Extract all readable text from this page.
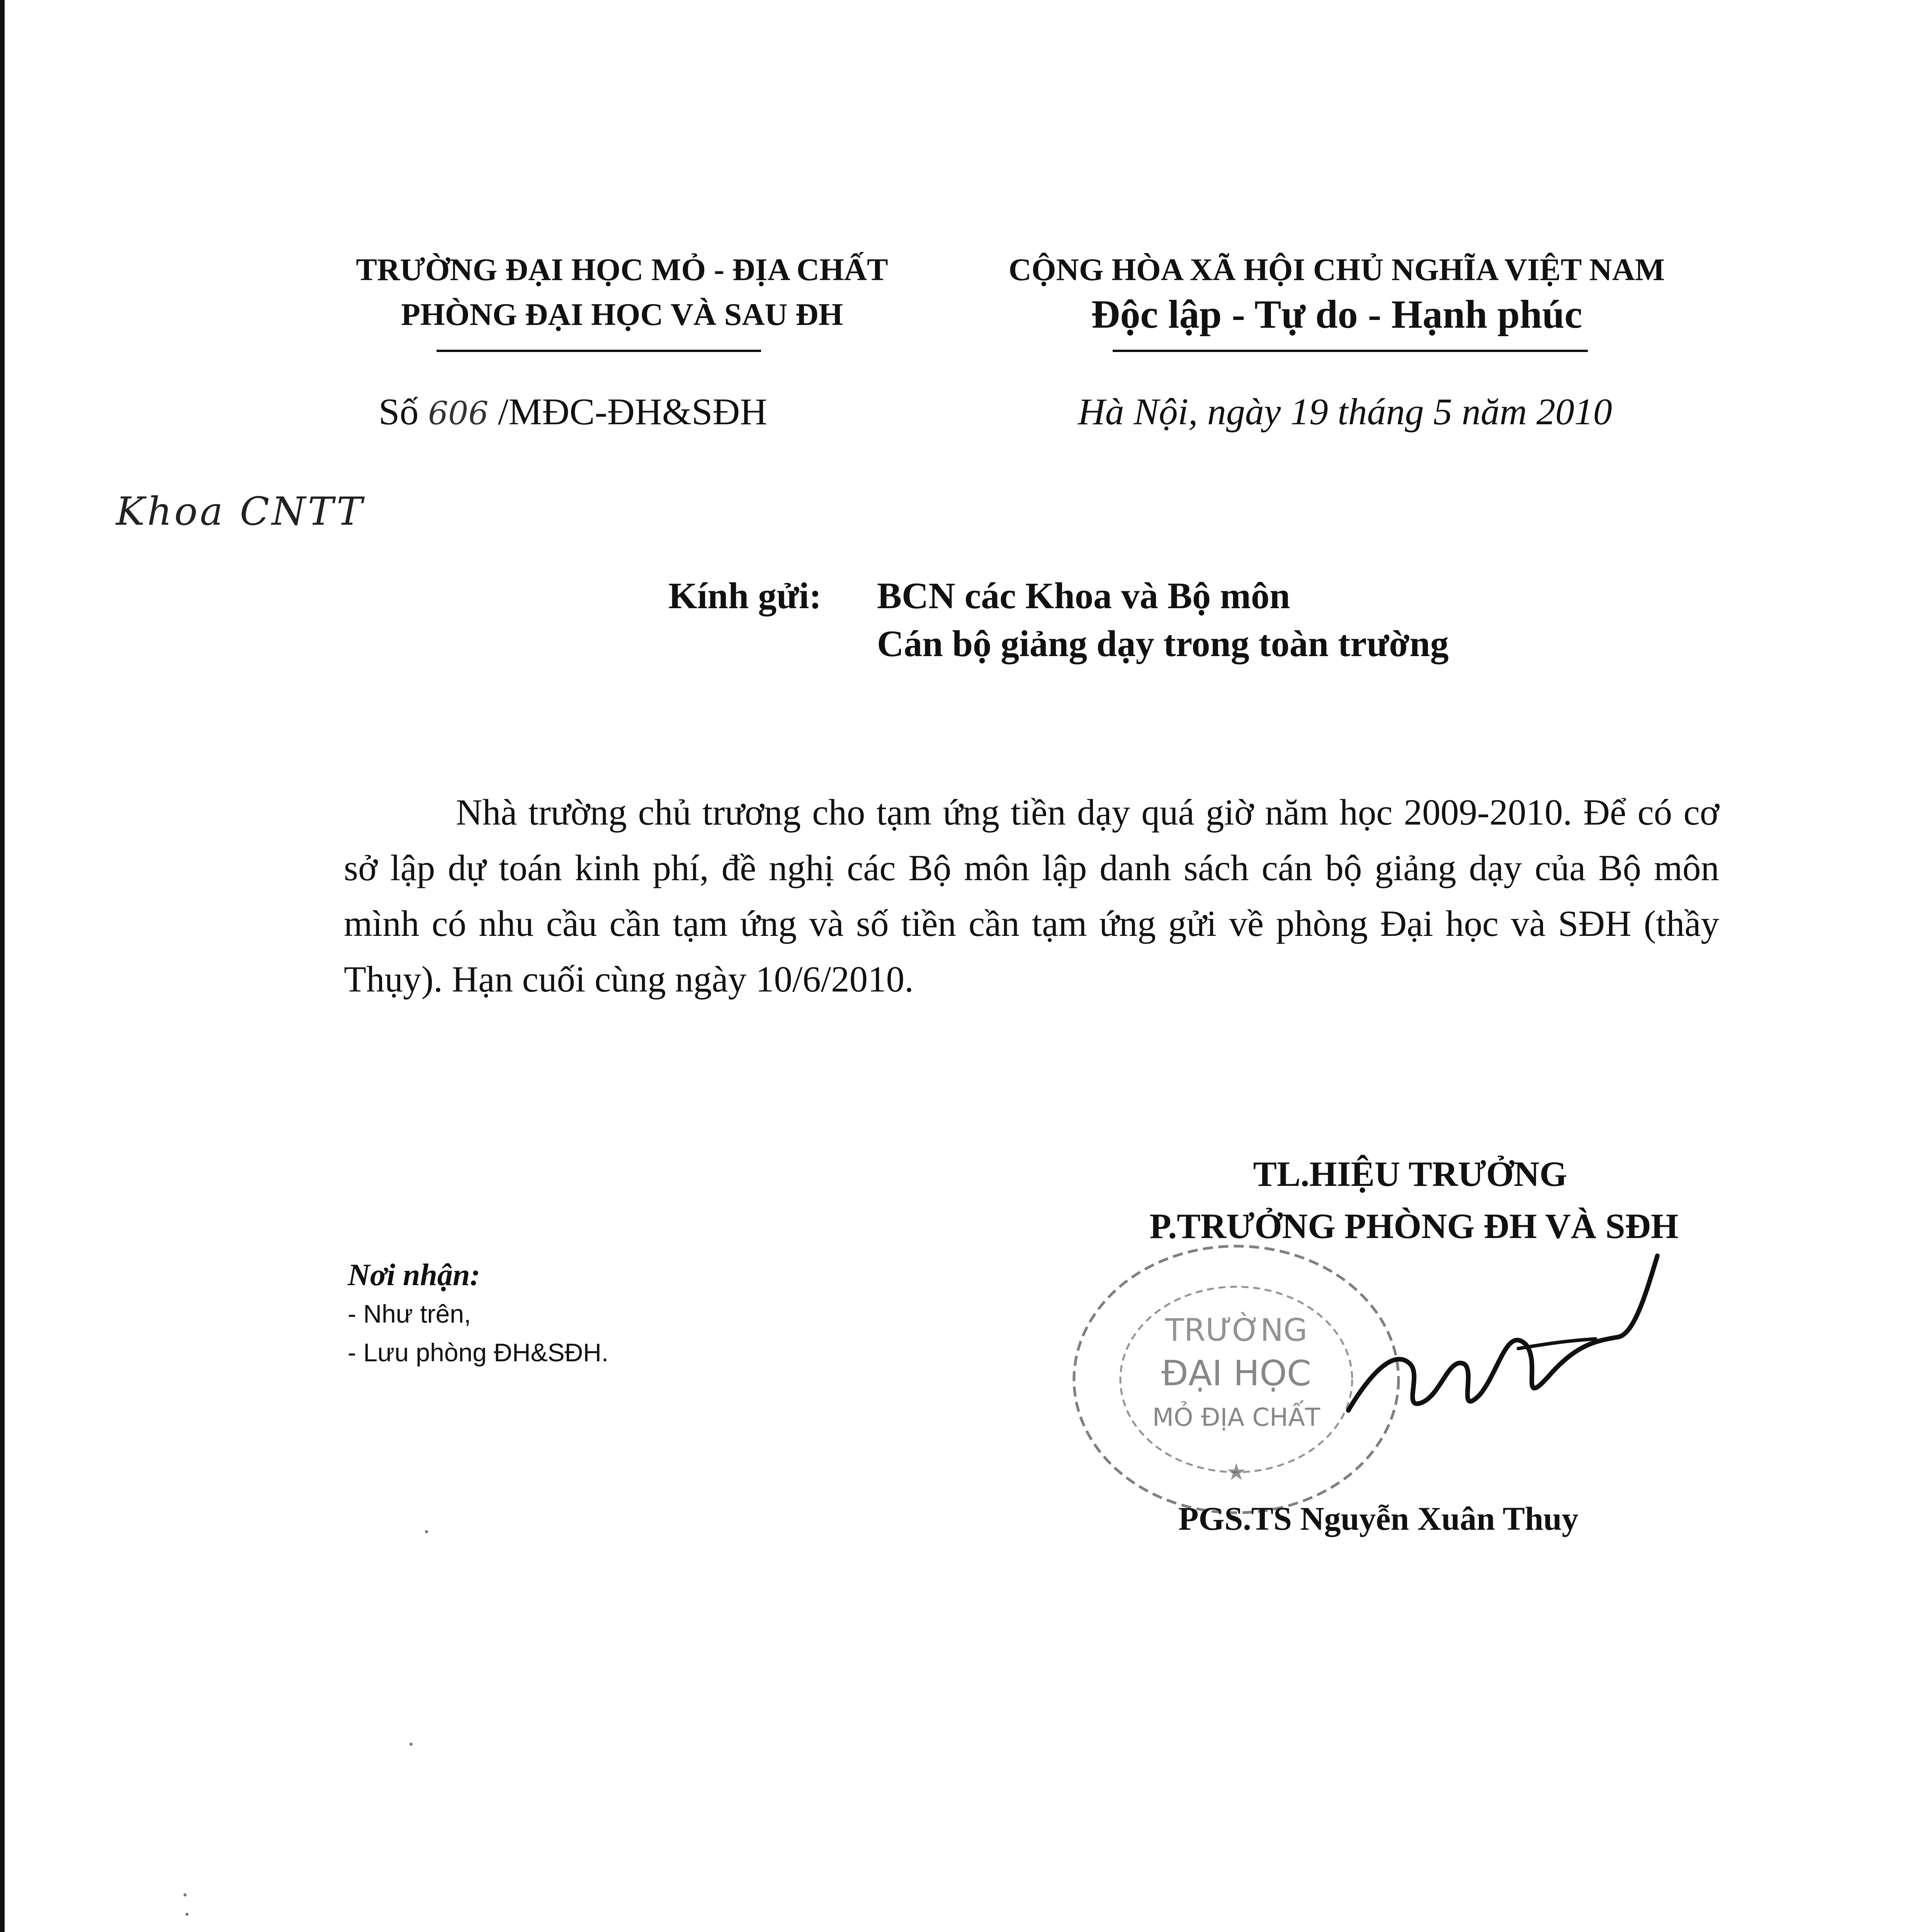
TRƯỜNG ĐẠI HỌC MỎ - ĐỊA CHẤT
PHÒNG ĐẠI HỌC VÀ SAU ĐH
CỘNG HÒA XÃ HỘI CHỦ NGHĨA VIỆT NAM
Độc lập - Tự do - Hạnh phúc
Số 606 /MĐC-ĐH&SĐH	Hà Nội, ngày 19 tháng 5 năm 2010
Khoa CNTT
Kính gửi: BCN các Khoa và Bộ môn
Cán bộ giảng dạy trong toàn trường

Nhà trường chủ trương cho tạm ứng tiền dạy quá giờ năm học 2009-2010. Để có cơ sở lập dự toán kinh phí, đề nghị các Bộ môn lập danh sách cán bộ giảng dạy của Bộ môn mình có nhu cầu cần tạm ứng và số tiền cần tạm ứng gửi về phòng Đại học và SĐH (thầy Thụy). Hạn cuối cùng ngày 10/6/2010.

TL.HIỆU TRƯỞNG
P.TRƯỞNG PHÒNG ĐH VÀ SĐH
TRƯỜNG
ĐẠI HỌC
MỎ ĐỊA CHẤT
★
PGS.TS Nguyễn Xuân Thuy
Nơi nhận:
- Như trên,
- Lưu phòng ĐH&SĐH.
